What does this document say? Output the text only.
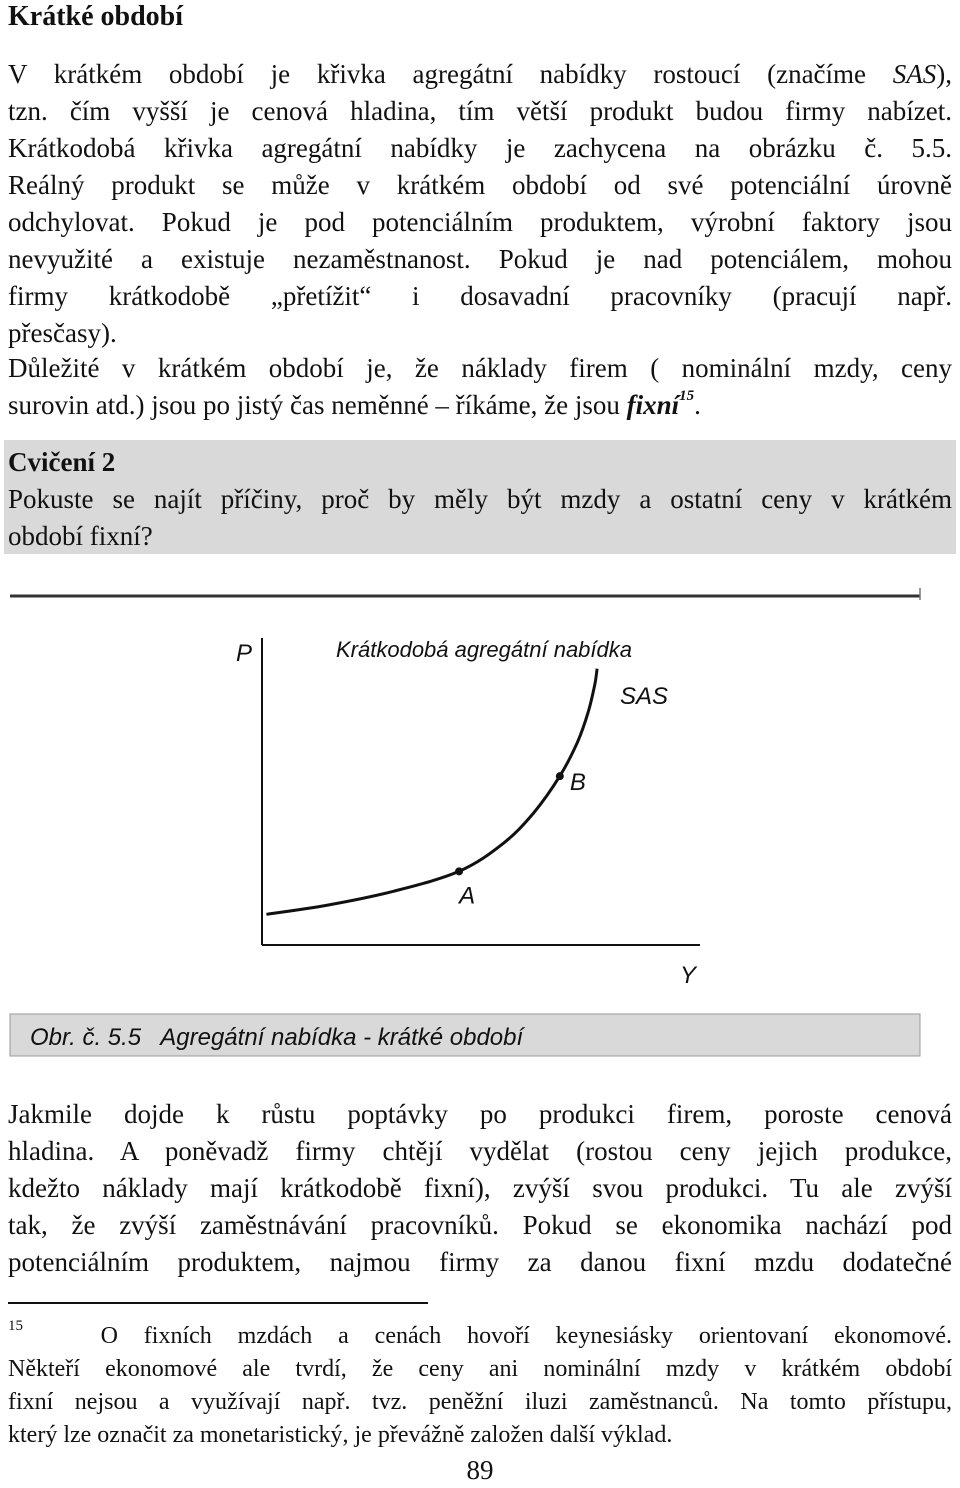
Krátké období
V krátkém období je křivka agregátní nabídky rostoucí (značíme SAS),
tzn. čím vyšší je cenová hladina, tím větší produkt budou firmy nabízet.
Krátkodobá křivka agregátní nabídky je zachycena na obrázku č. 5.5.
Reálný produkt se může v krátkém období od své potenciální úrovně
odchylovat. Pokud je pod potenciálním produktem, výrobní faktory jsou
nevyužité a existuje nezaměstnanost. Pokud je nad potenciálem, mohou
firmy krátkodobě „přetížit“ i dosavadní pracovníky (pracují např.
přesčasy).
Důležité v krátkém období je, že náklady firem ( nominální mzdy, ceny
surovin atd.) jsou po jistý čas neměnné – říkáme, že jsou fixní$^{15}$.
Cvičení 2
Pokuste se najít příčiny, proč by měly být mzdy a ostatní ceny v krátkém
období fixní?
P
Y
Krátkodobá agregátní nabídka
SAS
A
B
Obr. č. 5.5   Agregátní nabídka - krátké období
Jakmile dojde k růstu poptávky po produkci firem, poroste cenová
hladina. A poněvadž firmy chtějí vydělat (rostou ceny jejich produkce,
kdežto náklady mají krátkodobě fixní), zvýší svou produkci. Tu ale zvýší
tak, že zvýší zaměstnávání pracovníků. Pokud se ekonomika nachází pod
potenciálním produktem, najmou firmy za danou fixní mzdu dodatečné
$^{15}$	O fixních mzdách a cenách hovoří keynesiásky orientovaní ekonomové.
Někteří ekonomové ale tvrdí, že ceny ani nominální mzdy v krátkém období
fixní nejsou a využívají např. tvz. peněžní iluzi zaměstnanců. Na tomto přístupu,
který lze označit za monetaristický, je převážně založen další výklad.
89
